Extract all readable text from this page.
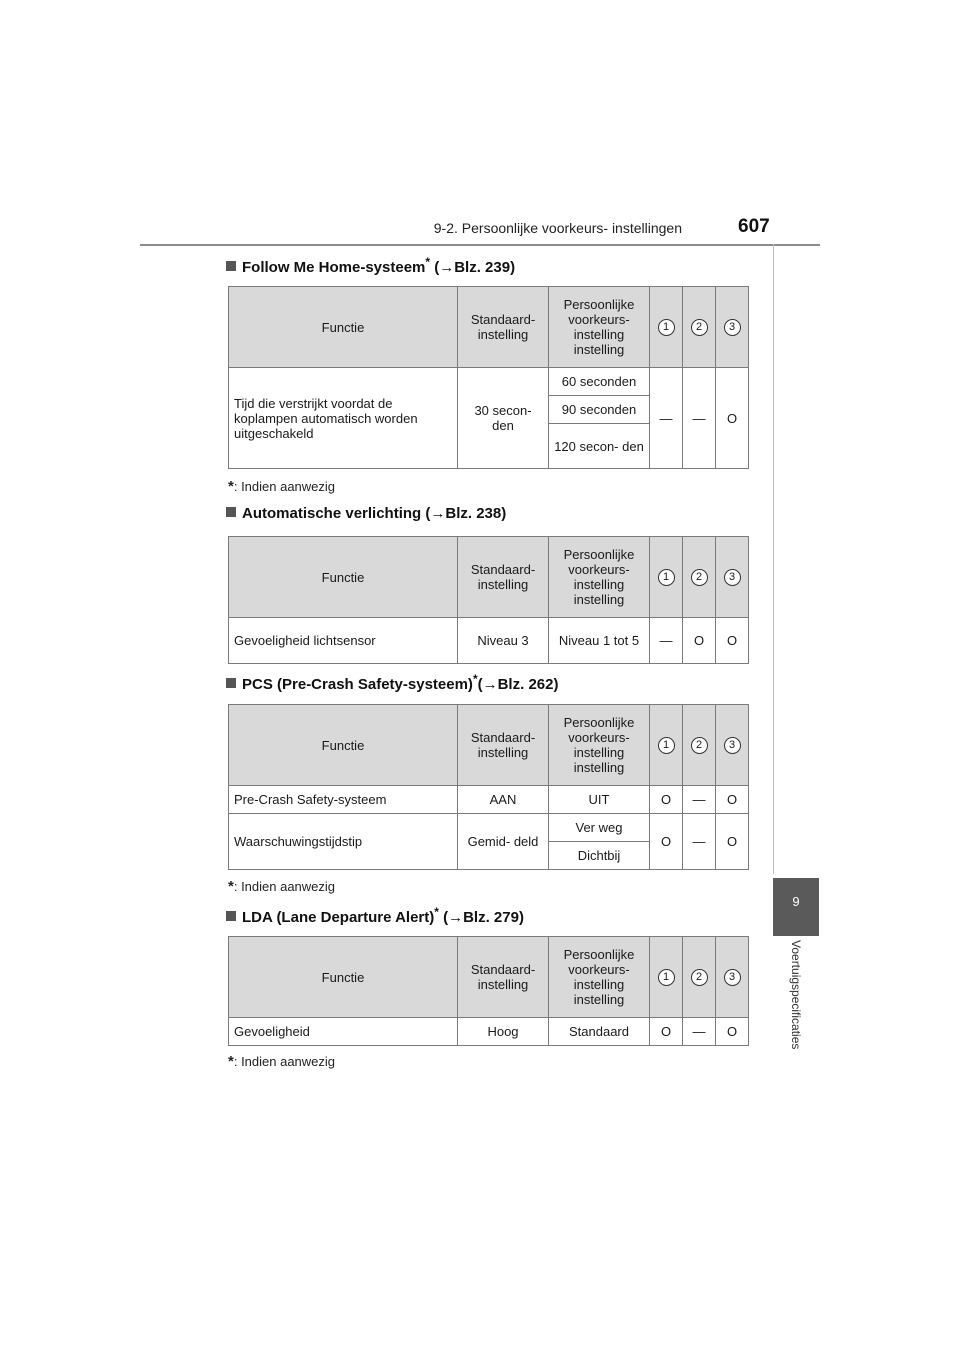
9-2. Persoonlijke voorkeurs- instellingen	607
9
Voertuigspecificaties
Follow Me Home-systeem* (→Blz. 239)
Functie	Standaard- instelling	Persoonlijke voorkeurs- instelling instelling	1	2	3
Tijd die verstrijkt voordat de koplampen automatisch worden uitgeschakeld	30 secon- den	60 seconden	—	—	O
		90 seconden			
		120 secon- den			
*: Indien aanwezig
Automatische verlichting (→Blz. 238)
Functie	Standaard- instelling	Persoonlijke voorkeurs- instelling instelling	1	2	3
Gevoeligheid lichtsensor	Niveau 3	Niveau 1 tot 5	—	O	O
PCS (Pre-Crash Safety-systeem)*(→Blz. 262)
Functie	Standaard- instelling	Persoonlijke voorkeurs- instelling instelling	1	2	3
Pre-Crash Safety-systeem	AAN	UIT	O	—	O
Waarschuwingstijdstip	Gemid- deld	Ver weg	O	—	O
		Dichtbij			
*: Indien aanwezig
LDA (Lane Departure Alert)* (→Blz. 279)
Functie	Standaard- instelling	Persoonlijke voorkeurs- instelling instelling	1	2	3
Gevoeligheid	Hoog	Standaard	O	—	O
*: Indien aanwezig
